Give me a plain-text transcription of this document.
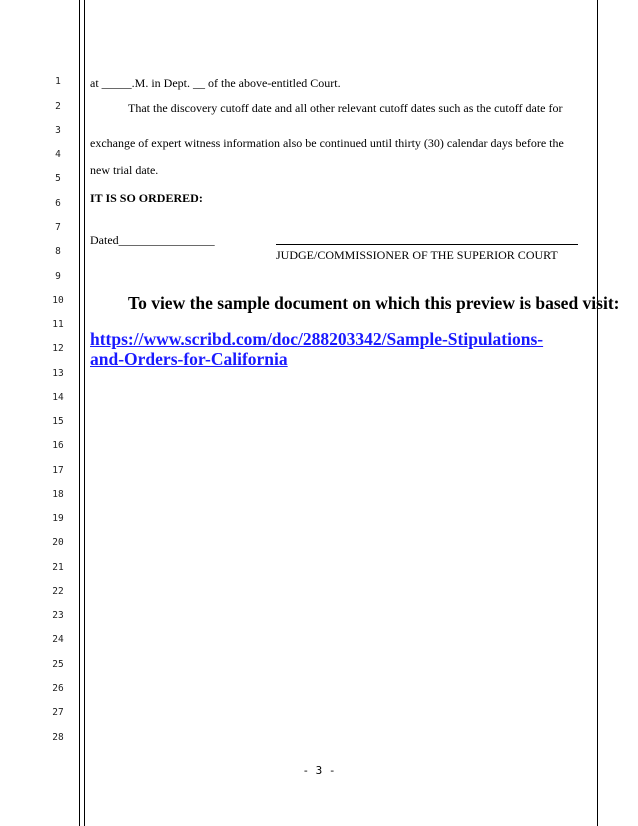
1
2
3
4
5
6
7
8
9
10
11
12
13
14
15
16
17
18
19
20
21
22
23
24
25
26
27
28
at _____.M. in Dept. __ of the above-entitled Court.
That the discovery cutoff date and all other relevant cutoff dates such as the cutoff date for
exchange of expert witness information also be continued until thirty (30) calendar days before the
new trial date.
IT IS SO ORDERED:
Dated________________
JUDGE/COMMISSIONER OF THE SUPERIOR COURT
To view the sample document on which this preview is based visit:
https://www.scribd.com/doc/288203342/Sample-Stipulations-and-Orders-for-California
- 3 -
